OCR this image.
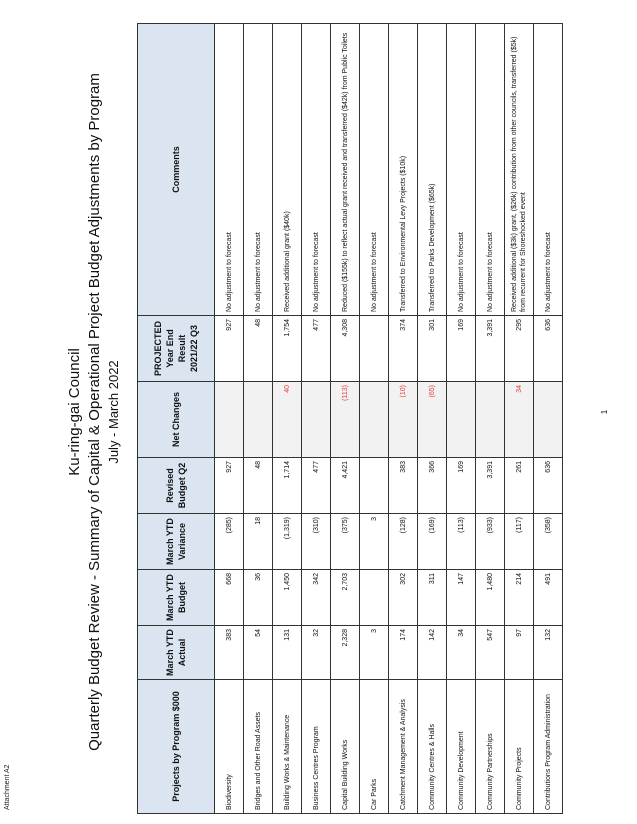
Attachment A2
Ku-ring-gai Council Quarterly Budget Review - Summary of Capital & Operational Project Budget Adjustments by Program July - March 2022
Projects by Program $000	March YTD Actual	March YTD Budget	March YTD Variance	Revised Budget Q2	Net Changes	PROJECTED Year End Result 2021/22 Q3	Comments
Biodiversity	383	668	(285)	927		927	No adjustment to forecast
Bridges and Other Road Assets	54	36	18	48		48	No adjustment to forecast
Building Works & Maintenance	131	1,450	(1,319)	1,714	40	1,754	Received additional grant ($40k)
Business Centres Program	32	342	(310)	477		477	No adjustment to forecast
Capital Building Works	2,328	2,703	(375)	4,421	(113)	4,308	Reduced ($155k) to reflect actual grant received and transferred ($42k) from Public Toilets
Car Parks	3		3				No adjustment to forecast
Catchment Management & Analysis	174	302	(128)	383	(10)	374	Transferred to Environmental Levy Projects ($10k)
Community Centres & Halls	142	311	(169)	366	(65)	301	Transferred to Parks Development ($65k)
Community Development	34	147	(113)	169		169	No adjustment to forecast
Community Partnerships	547	1,480	(933)	3,391		3,391	No adjustment to forecast
Community Projects	97	214	(117)	261	34	295	Received additional ($3k) grant, ($26k) contribution from other councils, transferred ($5k) from recurrent for Shoreshocked event
Contributions Program Administration	132	491	(358)	636		636	No adjustment to forecast
1
